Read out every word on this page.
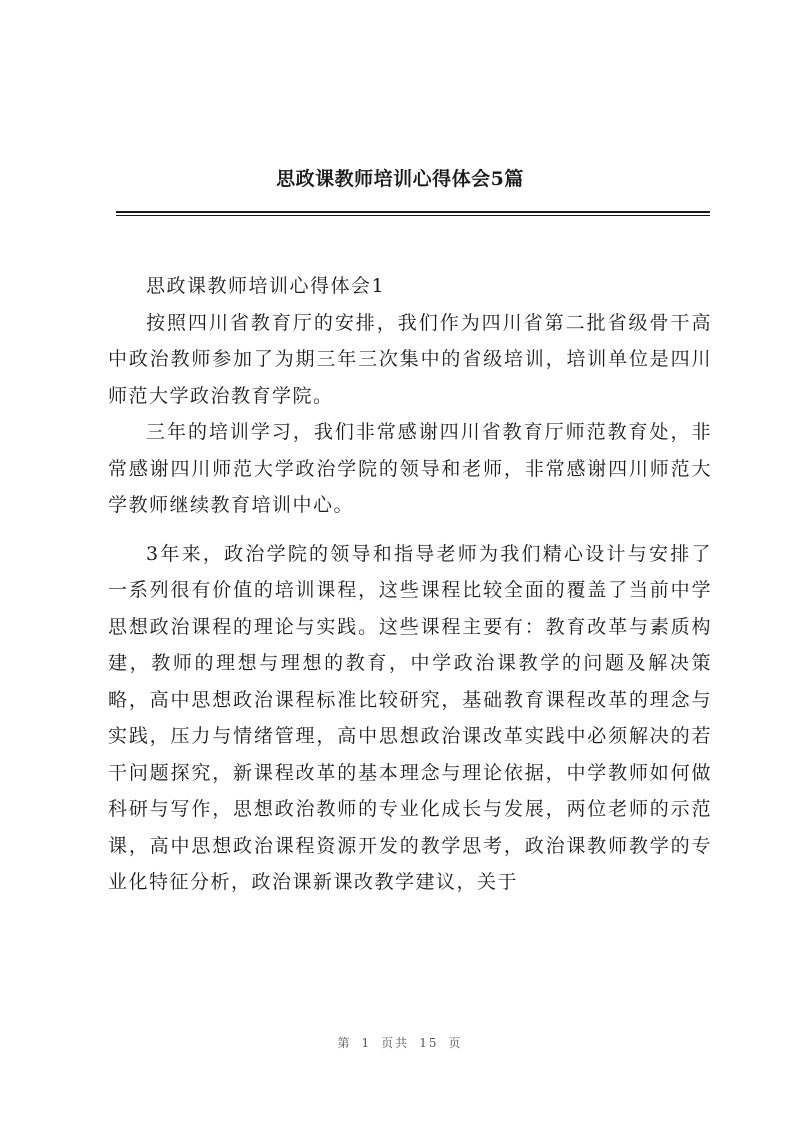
思政课教师培训心得体会5篇

思政课教师培训心得体会1

按照四川省教育厅的安排，我们作为四川省第二批省级骨干高中政治教师参加了为期三年三次集中的省级培训，培训单位是四川师范大学政治教育学院。

三年的培训学习，我们非常感谢四川省教育厅师范教育处，非常感谢四川师范大学政治学院的领导和老师，非常感谢四川师范大学教师继续教育培训中心。

3年来，政治学院的领导和指导老师为我们精心设计与安排了一系列很有价值的培训课程，这些课程比较全面的覆盖了当前中学思想政治课程的理论与实践。这些课程主要有：教育改革与素质构建，教师的理想与理想的教育，中学政治课教学的问题及解决策略，高中思想政治课程标准比较研究，基础教育课程改革的理念与实践，压力与情绪管理，高中思想政治课改革实践中必须解决的若干问题探究，新课程改革的基本理念与理论依据，中学教师如何做科研与写作，思想政治教师的专业化成长与发展，两位老师的示范课，高中思想政治课程资源开发的教学思考，政治课教师教学的专业化特征分析，政治课新课改教学建议，关于

第 1 页共 15 页
